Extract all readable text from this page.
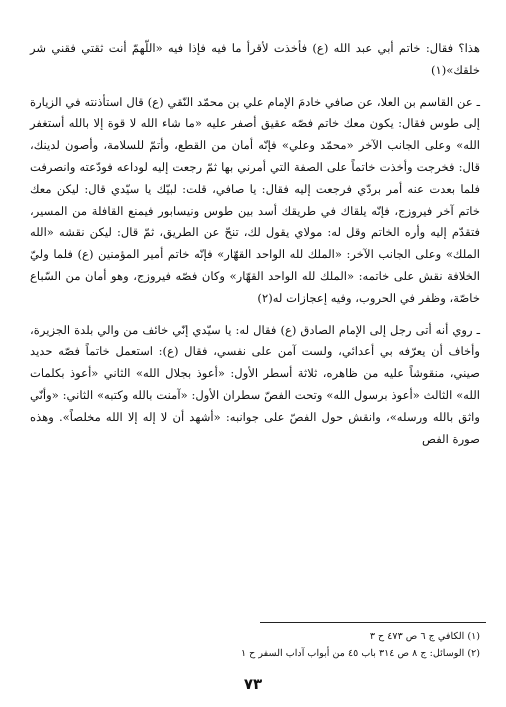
هذا؟ فقال: خاتم أبي عبد الله (ع) فأخذت لأقرأ ما فيه فإذا فيه «اللّهمّ أنت ثقتي فقني شر خلقك»(١)

ـ عن القاسم بن العلا، عن صافي خادمَ الإمام علي بن محمّد النّقي (ع) قال استأذنته في الزيارة إلى طوس فقال: يكون معك خاتم فصّه عقيق أصفر عليه «ما شاء الله لا قوة إلا بالله أستغفر الله» وعلى الجانب الآخر «محمّد وعلي» فإنّه أمان من القطع، وأتمّ للسلامة، وأصون لدينك، قال: فخرجت وأخذت خاتماً على الصفة التي أمرني بها ثمّ رجعت إليه لوداعه فودّعته وانصرفت فلما بعدت عنه أمر بردّي فرجعت إليه فقال: يا صافي، قلت: لبيّك يا سيّدي قال: ليكن معك خاتم آخر فيروزج، فإنّه يلقاك في طريقك أسد بين طوس ونيسابور فيمنع القافلة من المسير، فتقدّم إليه وأره الخاتم وقل له: مولاي يقول لك، تنحّ عن الطريق، ثمّ قال: ليكن نقشه «الله الملك» وعلى الجانب الآخر: «الملك لله الواحد القهّار» فإنّه خاتم أمير المؤمنين (ع) فلما وليّ الخلافة نقش على خاتمه: «الملك لله الواحد القهّار» وكان فصّه فيروزج، وهو أمان من السّباع خاصّة، وظفر في الحروب، وفيه إعجازات له(٢)

ـ روي أنه أتى رجل إلى الإمام الصادق (ع) فقال له: يا سيّدي إنّي خائف من والي بلدة الجزيرة، وأخاف أن يعرّفه بي أعدائي، ولست آمن على نفسي، فقال (ع): استعمل خاتماً فصّه حديد صيني، منقوشاً عليه من ظاهره، ثلاثة أسطر الأول: «أعوذ بجلال الله» الثاني «أعوذ بكلمات الله» الثالث «أعوذ برسول الله» وتحت الفصّ سطران الأول: «آمنت بالله وكتبه» الثاني: «وأنّي واثق بالله ورسله»، وانقش حول الفصّ على جوانبه: «أشهد أن لا إله إلا الله مخلصاً». وهذه صورة الفص

(١) الكافي ج ٦ ص ٤٧٣ ح ٣

(٢) الوسائل: ج ٨ ص ٣١٤ باب ٤٥ من أبواب آداب السفر ح ١

٧٣
